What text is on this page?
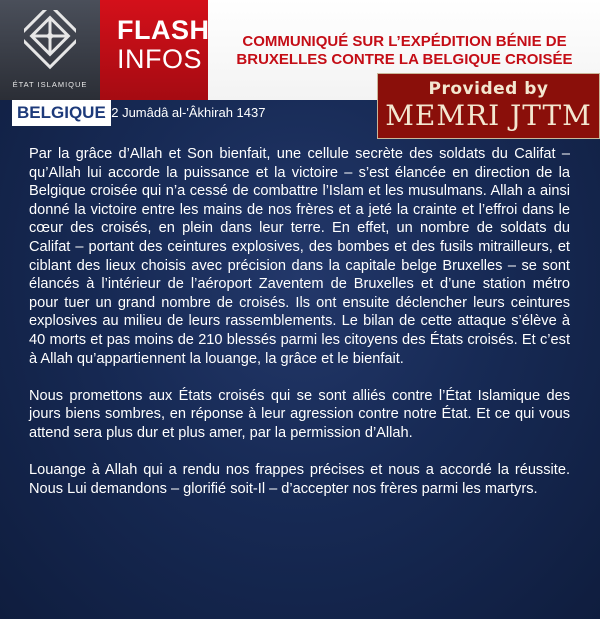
ÉTAT ISLAMIQUE
FLASH
INFOS
COMMUNIQUÉ SUR L’EXPÉDITION BÉNIE DE
BRUXELLES CONTRE LA BELGIQUE CROISÉE
Provided by
MEMRI JTTM
BELGIQUE
12 Jumâdâ al-'Âkhirah 1437

Par la grâce d’Allah et Son bienfait, une cellule secrète des soldats du Califat – qu’Allah lui accorde la puissance et la victoire – s’est élancée en direction de la Belgique croisée qui n’a cessé de combattre l’Islam et les musulmans. Allah a ainsi donné la victoire entre les mains de nos frères et a jeté la crainte et l’effroi dans le cœur des croisés, en plein dans leur terre. En effet, un nombre de soldats du Califat – portant des ceintures explosives, des bombes et des fusils mitrailleurs, et ciblant des lieux choisis avec précision dans la capitale belge Bruxelles – se sont élancés à l’intérieur de l’aéroport Zaventem de Bruxelles et d’une station métro pour tuer un grand nombre de croisés. Ils ont ensuite déclencher leurs ceintures explosives au milieu de leurs rassemblements. Le bilan de cette attaque s’élève à 40 morts et pas moins de 210 blessés parmi les citoyens des États croisés. Et c’est à Allah qu’appartiennent la louange, la grâce et le bienfait.

Nous promettons aux États croisés qui se sont alliés contre l’État Islamique des jours biens sombres, en réponse à leur agression contre notre État. Et ce qui vous attend sera plus dur et plus amer, par la permission d’Allah.

Louange à Allah qui a rendu nos frappes précises et nous a accordé la réussite. Nous Lui demandons – glorifié soit-Il – d’accepter nos frères parmi les martyrs.
